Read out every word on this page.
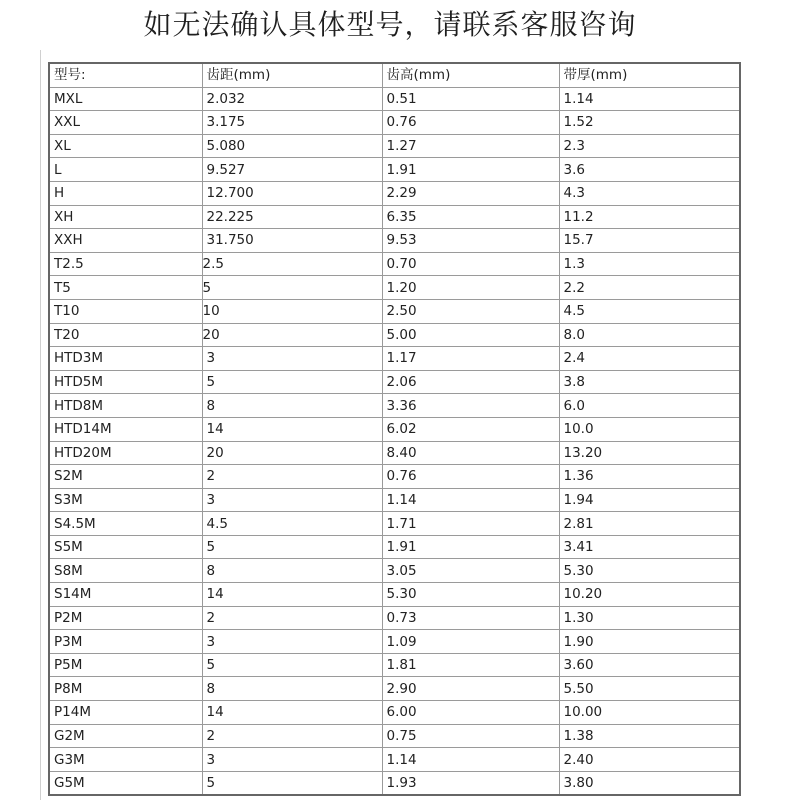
如无法确认具体型号，请联系客服咨询
型号:	齿距(mm)	齿高(mm)	带厚(mm)
MXL	2.032	0.51	1.14
XXL	3.175	0.76	1.52
XL	5.080	1.27	2.3
L	9.527	1.91	3.6
H	12.700	2.29	4.3
XH	22.225	6.35	11.2
XXH	31.750	9.53	15.7
T2.5	2.5	0.70	1.3
T5	5	1.20	2.2
T10	10	2.50	4.5
T20	20	5.00	8.0
HTD3M	3	1.17	2.4
HTD5M	5	2.06	3.8
HTD8M	8	3.36	6.0
HTD14M	14	6.02	10.0
HTD20M	20	8.40	13.20
S2M	2	0.76	1.36
S3M	3	1.14	1.94
S4.5M	4.5	1.71	2.81
S5M	5	1.91	3.41
S8M	8	3.05	5.30
S14M	14	5.30	10.20
P2M	2	0.73	1.30
P3M	3	1.09	1.90
P5M	5	1.81	3.60
P8M	8	2.90	5.50
P14M	14	6.00	10.00
G2M	2	0.75	1.38
G3M	3	1.14	2.40
G5M	5	1.93	3.80
